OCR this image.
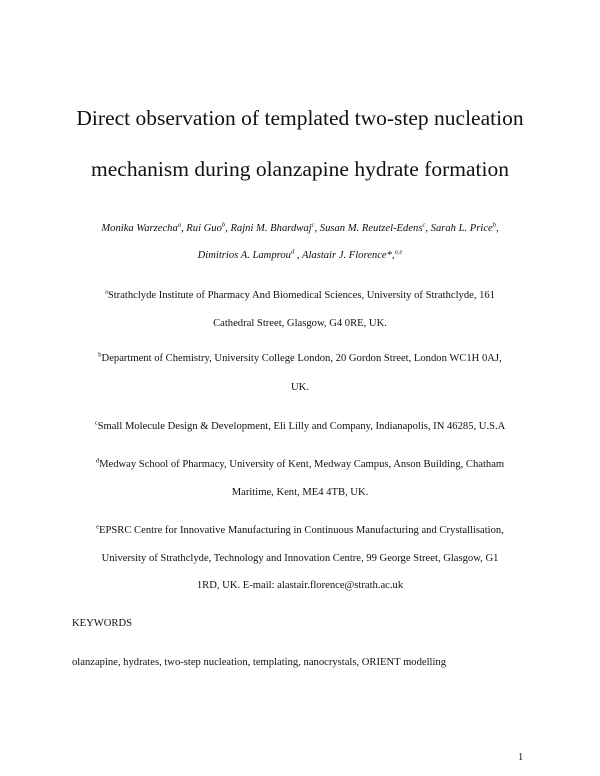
Direct observation of templated two-step nucleation
mechanism during olanzapine hydrate formation
Monika Warzecha$^a$, Rui Guo$^b$, Rajni M. Bhardwaj$^c$, Susan M. Reutzel-Edens$^c$, Sarah L. Price$^b$,
Dimitrios A. Lamprou$^d$ , Alastair J. Florence*,$^{a,e}$
$^a$Strathclyde Institute of Pharmacy And Biomedical Sciences, University of Strathclyde, 161
Cathedral Street, Glasgow, G4 0RE, UK.
$^b$Department of Chemistry, University College London, 20 Gordon Street, London WC1H 0AJ,
UK.
$^c$Small Molecule Design & Development, Eli Lilly and Company, Indianapolis, IN 46285, U.S.A
$^d$Medway School of Pharmacy, University of Kent, Medway Campus, Anson Building, Chatham
Maritime, Kent, ME4 4TB, UK.
$^e$EPSRC Centre for Innovative Manufacturing in Continuous Manufacturing and Crystallisation,
University of Strathclyde, Technology and Innovation Centre, 99 George Street, Glasgow, G1
1RD, UK. E-mail: alastair.florence@strath.ac.uk
KEYWORDS
olanzapine, hydrates, two-step nucleation, templating, nanocrystals, ORIENT modelling
1
